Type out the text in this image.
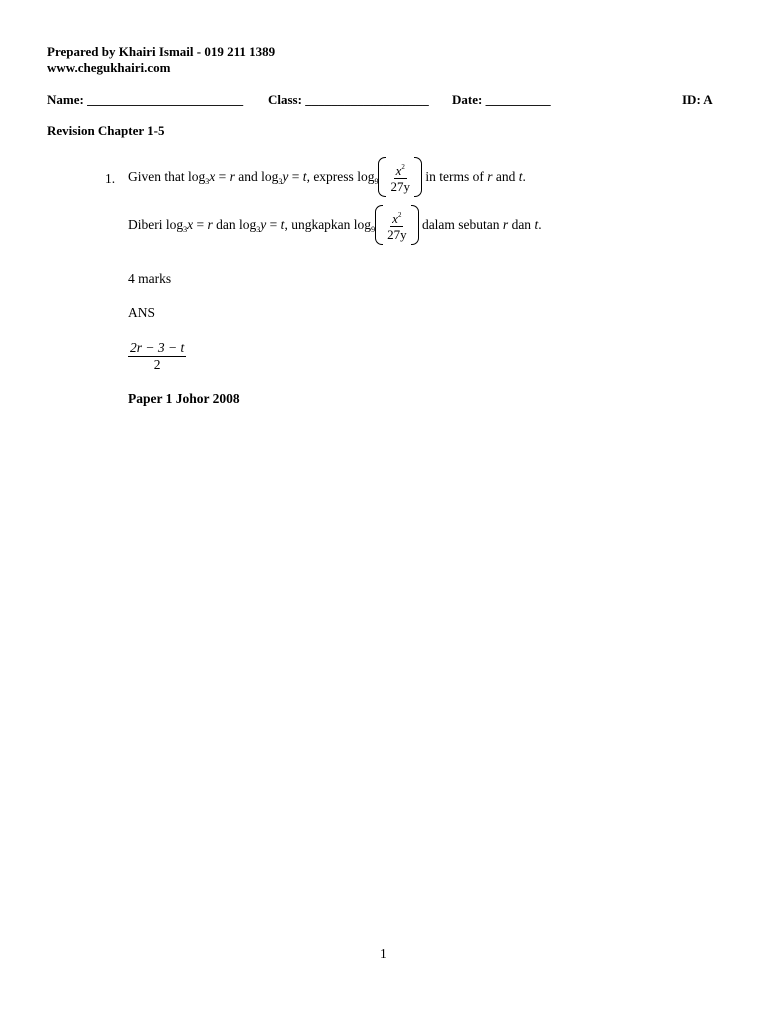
Prepared by Khairi Ismail - 019 211 1389
www.chegukhairi.com
Name: ________________________ Class: ___________________ Date: __________	ID: A
Revision Chapter 1-5
1. Given that
$\log_3x = r$
and
$\log_3y = t$ , express
$\log_9 \frac{x^2}{27y}$
in terms of
r
and
t .
Diberi
$\log_3x = r$
dan
$\log_3y = t$ , ungkapkan
$\log_9 \frac{x^2}{27y}$
dalam sebutan
r
dan
t .
4 marks
ANS
$\frac{2r - 3 - t}{2}$
Paper 1 Johor 2008
1
